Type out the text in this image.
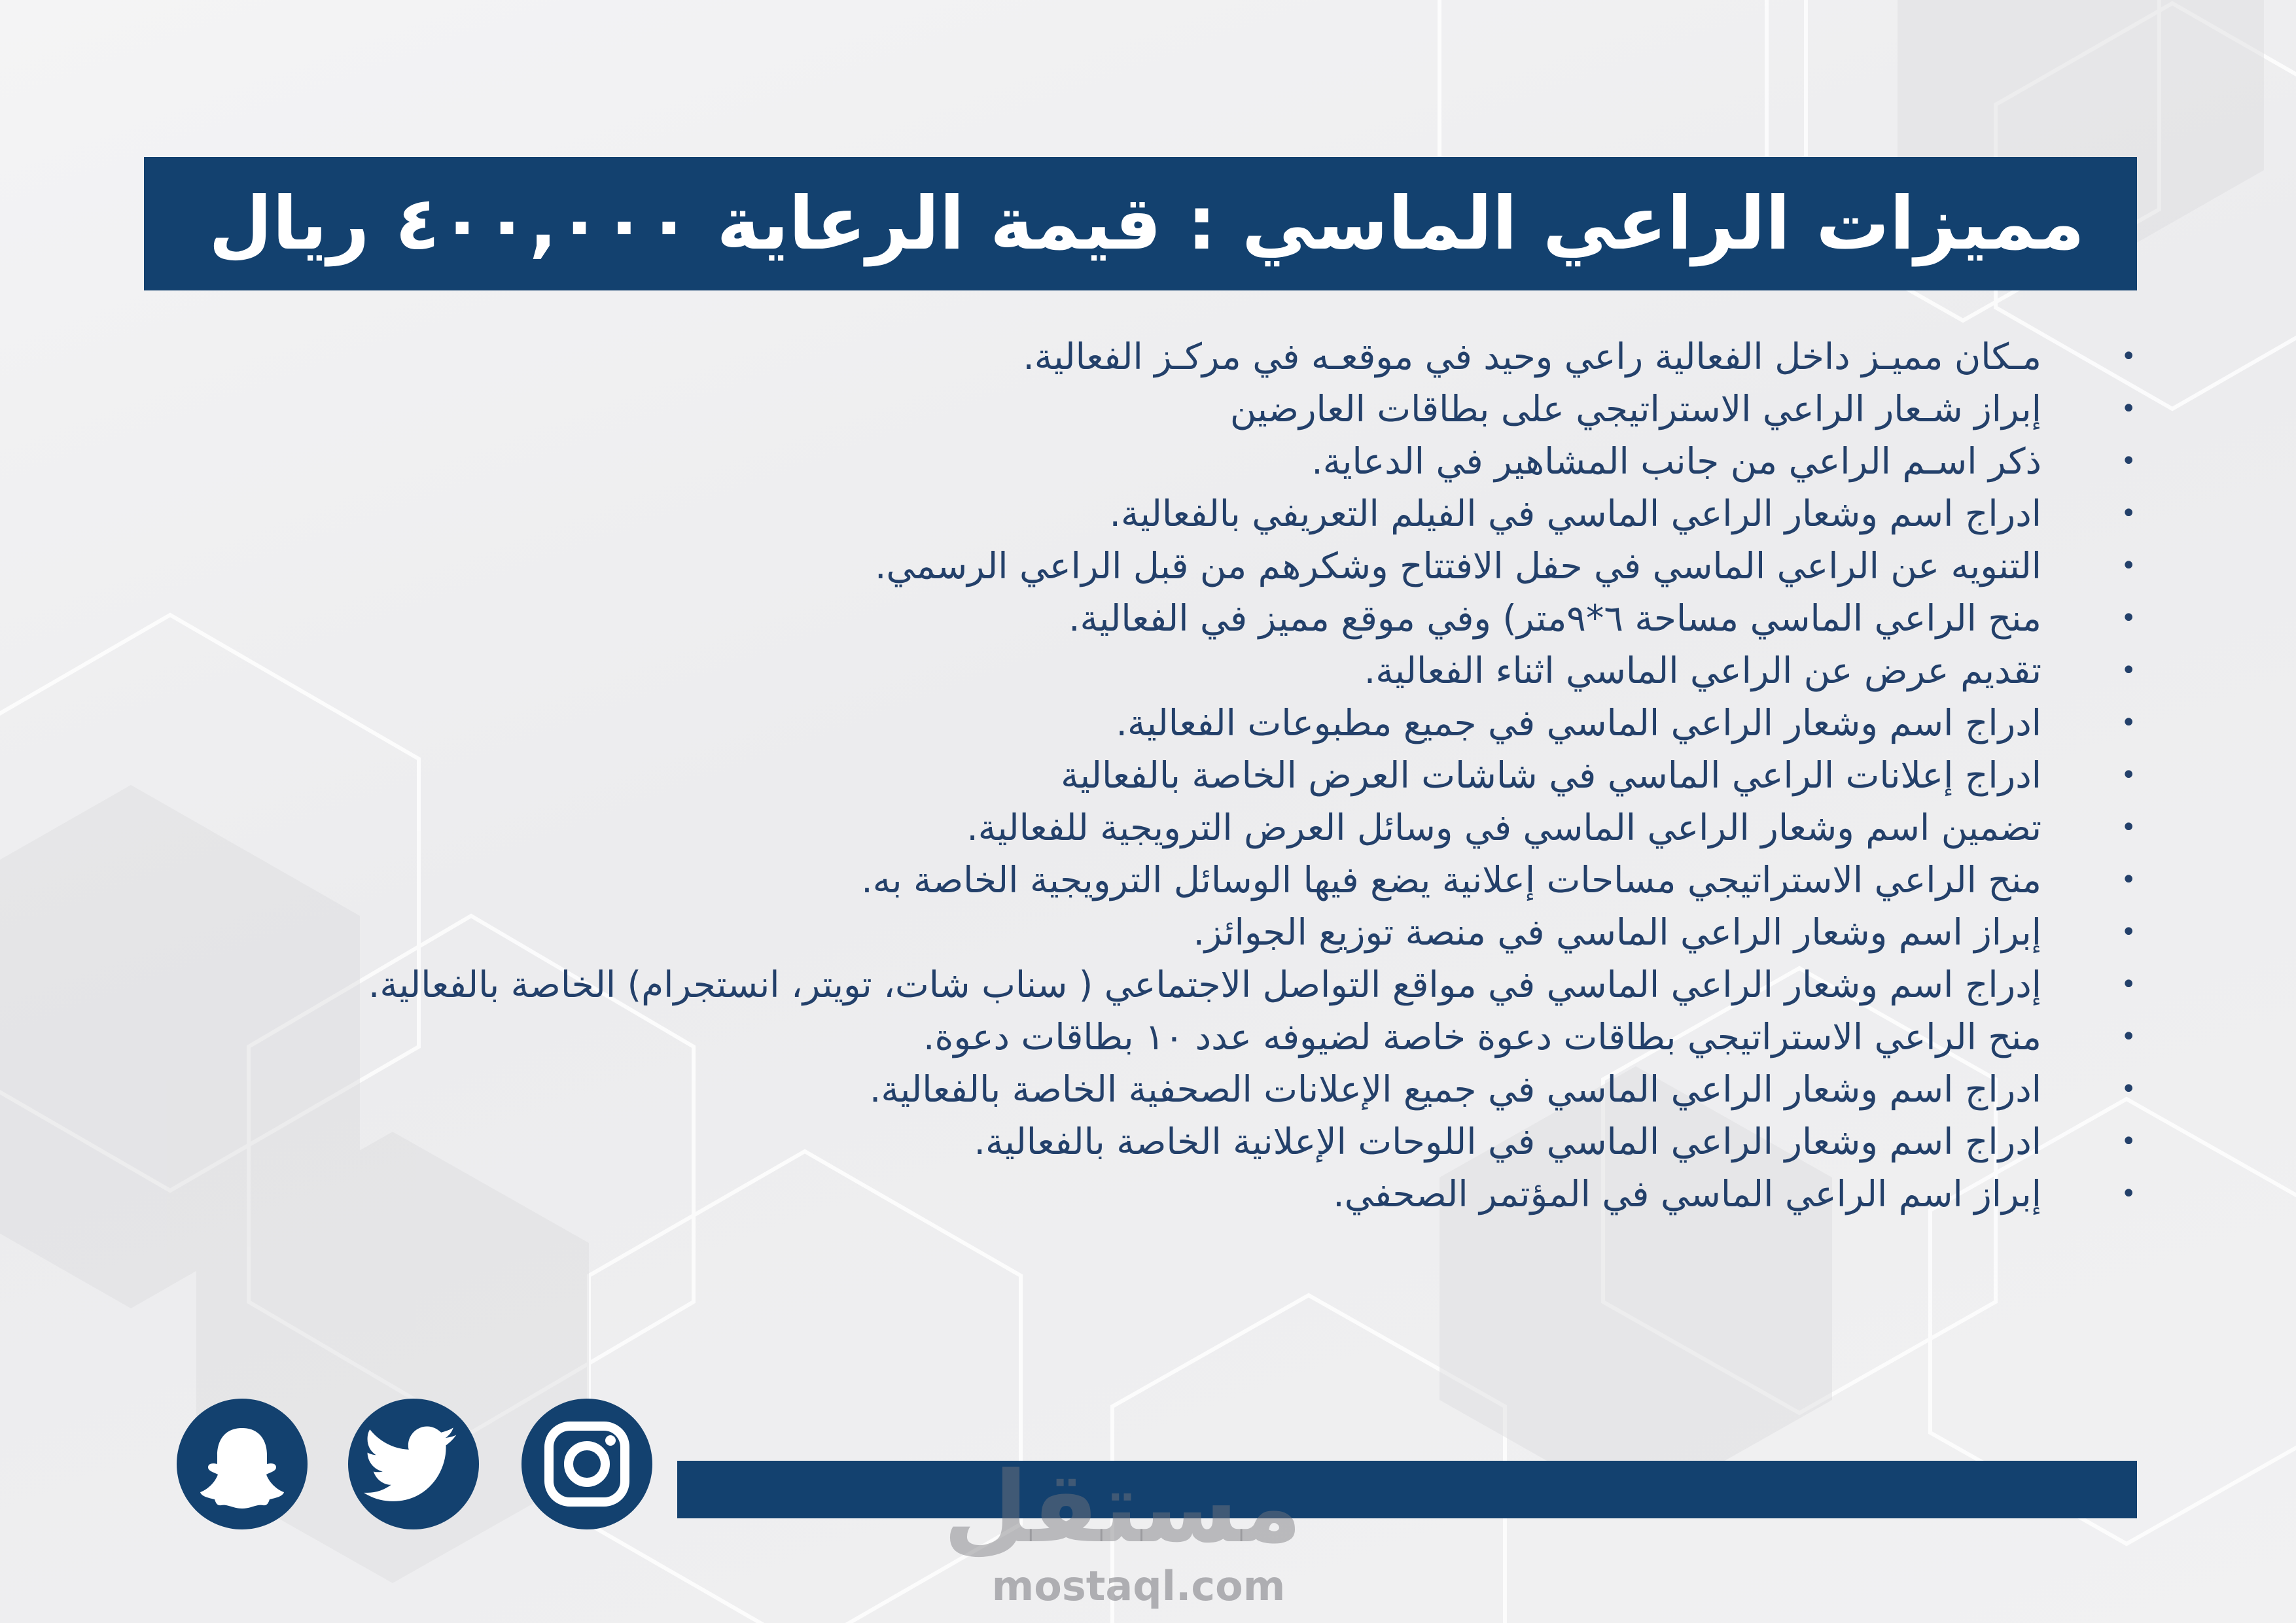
مميزات الراعي الماسي : قيمة الرعاية ٤٠٠,٠٠٠ ريال
•
مـكان مميـز داخل الفعالية راعي وحيد في موقعـه في مركـز الفعالية.
•
إبراز شـعار الراعي الاستراتيجي على بطاقات العارضين
•
ذكر اسـم الراعي من جانب المشاهير في الدعاية.
•
ادراج اسم وشعار الراعي الماسي في الفيلم التعريفي بالفعالية.
•
التنويه عن الراعي الماسي في حفل الافتتاح وشكرهم من قبل الراعي الرسمي.
•
منح الراعي الماسي مساحة ٦*٩متر) وفي موقع مميز في الفعالية.
•
تقديم عرض عن الراعي الماسي اثناء الفعالية.
•
ادراج اسم وشعار الراعي الماسي في جميع مطبوعات الفعالية.
•
ادراج إعلانات الراعي الماسي في شاشات العرض الخاصة بالفعالية
•
تضمين اسم وشعار الراعي الماسي في وسائل العرض الترويجية للفعالية.
•
منح الراعي الاستراتيجي مساحات إعلانية يضع فيها الوسائل الترويجية الخاصة به.
•
إبراز اسم وشعار الراعي الماسي في منصة توزيع الجوائز.
•
إدراج اسم وشعار الراعي الماسي في مواقع التواصل الاجتماعي ( سناب شات، تويتر، انستجرام) الخاصة بالفعالية.
•
منح الراعي الاستراتيجي بطاقات دعوة خاصة لضيوفه عدد ١٠ بطاقات دعوة.
•
ادراج اسم وشعار الراعي الماسي في جميع الإعلانات الصحفية الخاصة بالفعالية.
•
ادراج اسم وشعار الراعي الماسي في اللوحات الإعلانية الخاصة بالفعالية.
•
إبراز اسم الراعي الماسي في المؤتمر الصحفي.
مستقل
mostaql.com
